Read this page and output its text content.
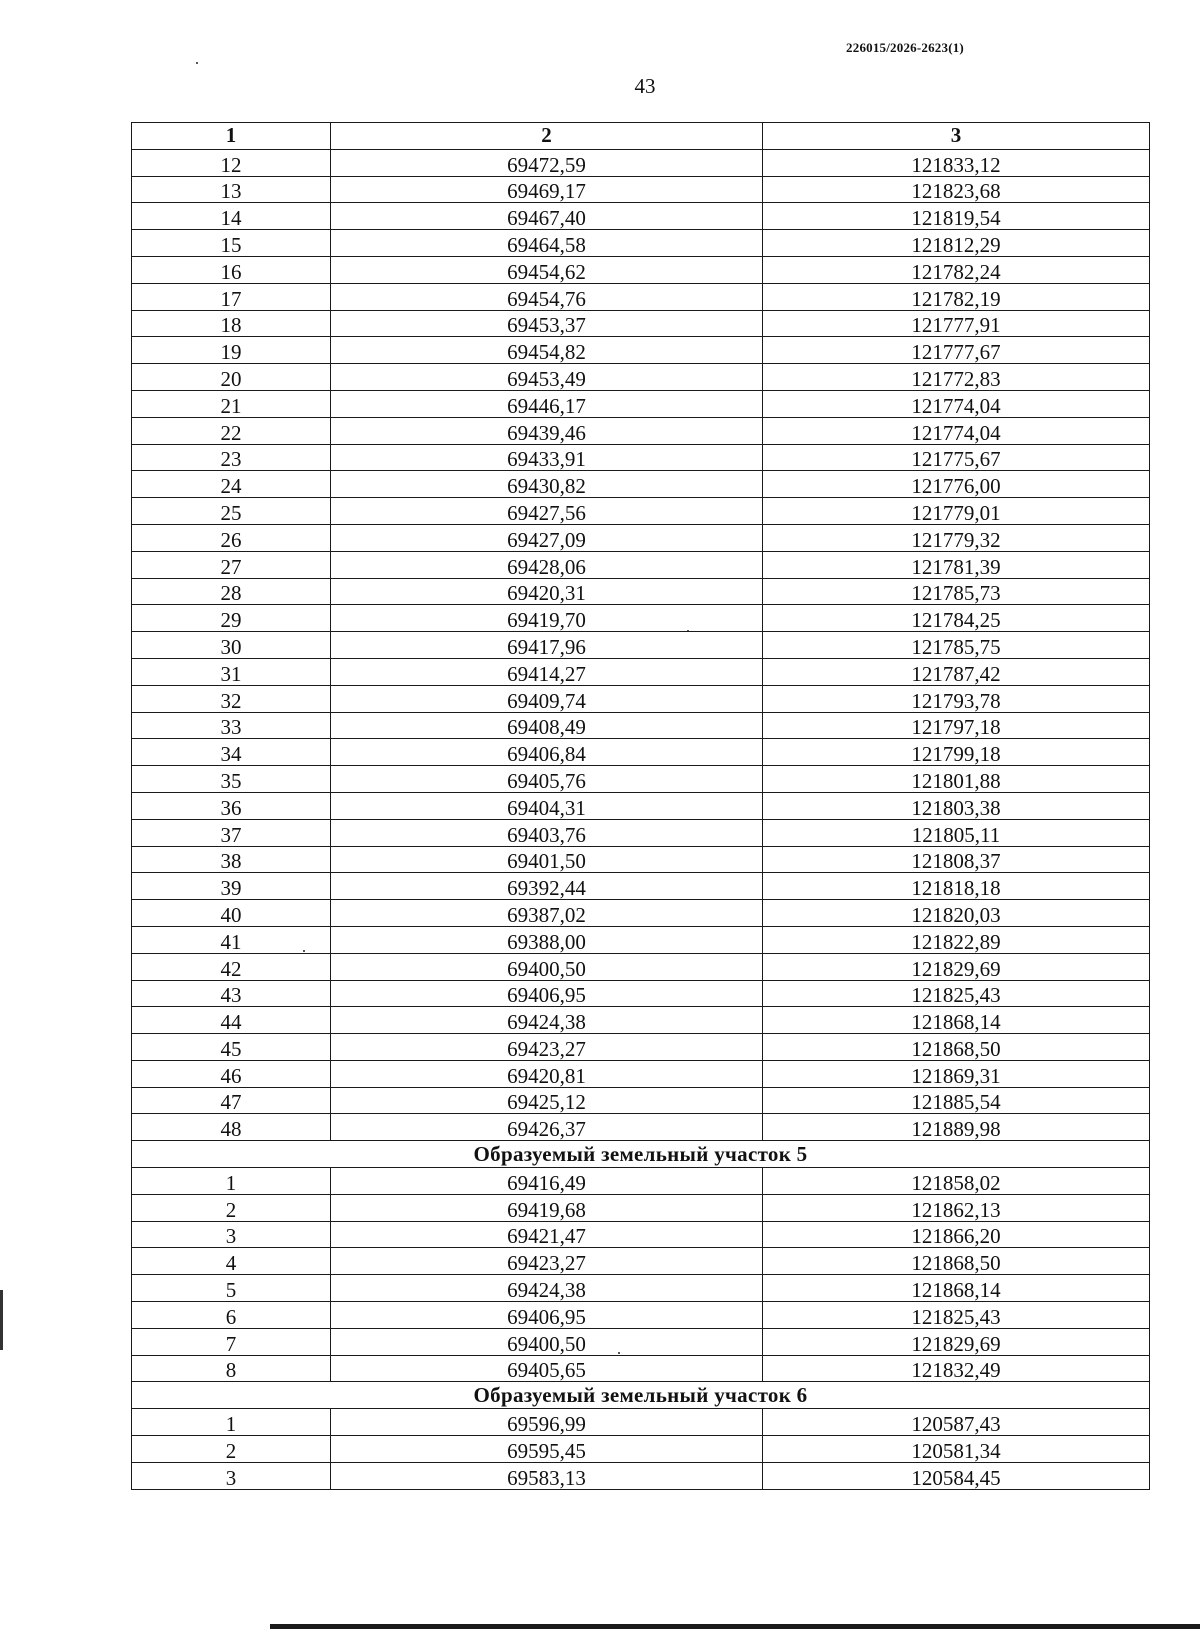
226015/2026-2623(1)
43
1	2	3
12	69472,59	121833,12
13	69469,17	121823,68
14	69467,40	121819,54
15	69464,58	121812,29
16	69454,62	121782,24
17	69454,76	121782,19
18	69453,37	121777,91
19	69454,82	121777,67
20	69453,49	121772,83
21	69446,17	121774,04
22	69439,46	121774,04
23	69433,91	121775,67
24	69430,82	121776,00
25	69427,56	121779,01
26	69427,09	121779,32
27	69428,06	121781,39
28	69420,31	121785,73
29	69419,70	121784,25
30	69417,96	121785,75
31	69414,27	121787,42
32	69409,74	121793,78
33	69408,49	121797,18
34	69406,84	121799,18
35	69405,76	121801,88
36	69404,31	121803,38
37	69403,76	121805,11
38	69401,50	121808,37
39	69392,44	121818,18
40	69387,02	121820,03
41	69388,00	121822,89
42	69400,50	121829,69
43	69406,95	121825,43
44	69424,38	121868,14
45	69423,27	121868,50
46	69420,81	121869,31
47	69425,12	121885,54
48	69426,37	121889,98
Образуемый земельный участок 5		
1	69416,49	121858,02
2	69419,68	121862,13
3	69421,47	121866,20
4	69423,27	121868,50
5	69424,38	121868,14
6	69406,95	121825,43
7	69400,50	121829,69
8	69405,65	121832,49
Образуемый земельный участок 6		
1	69596,99	120587,43
2	69595,45	120581,34
3	69583,13	120584,45
